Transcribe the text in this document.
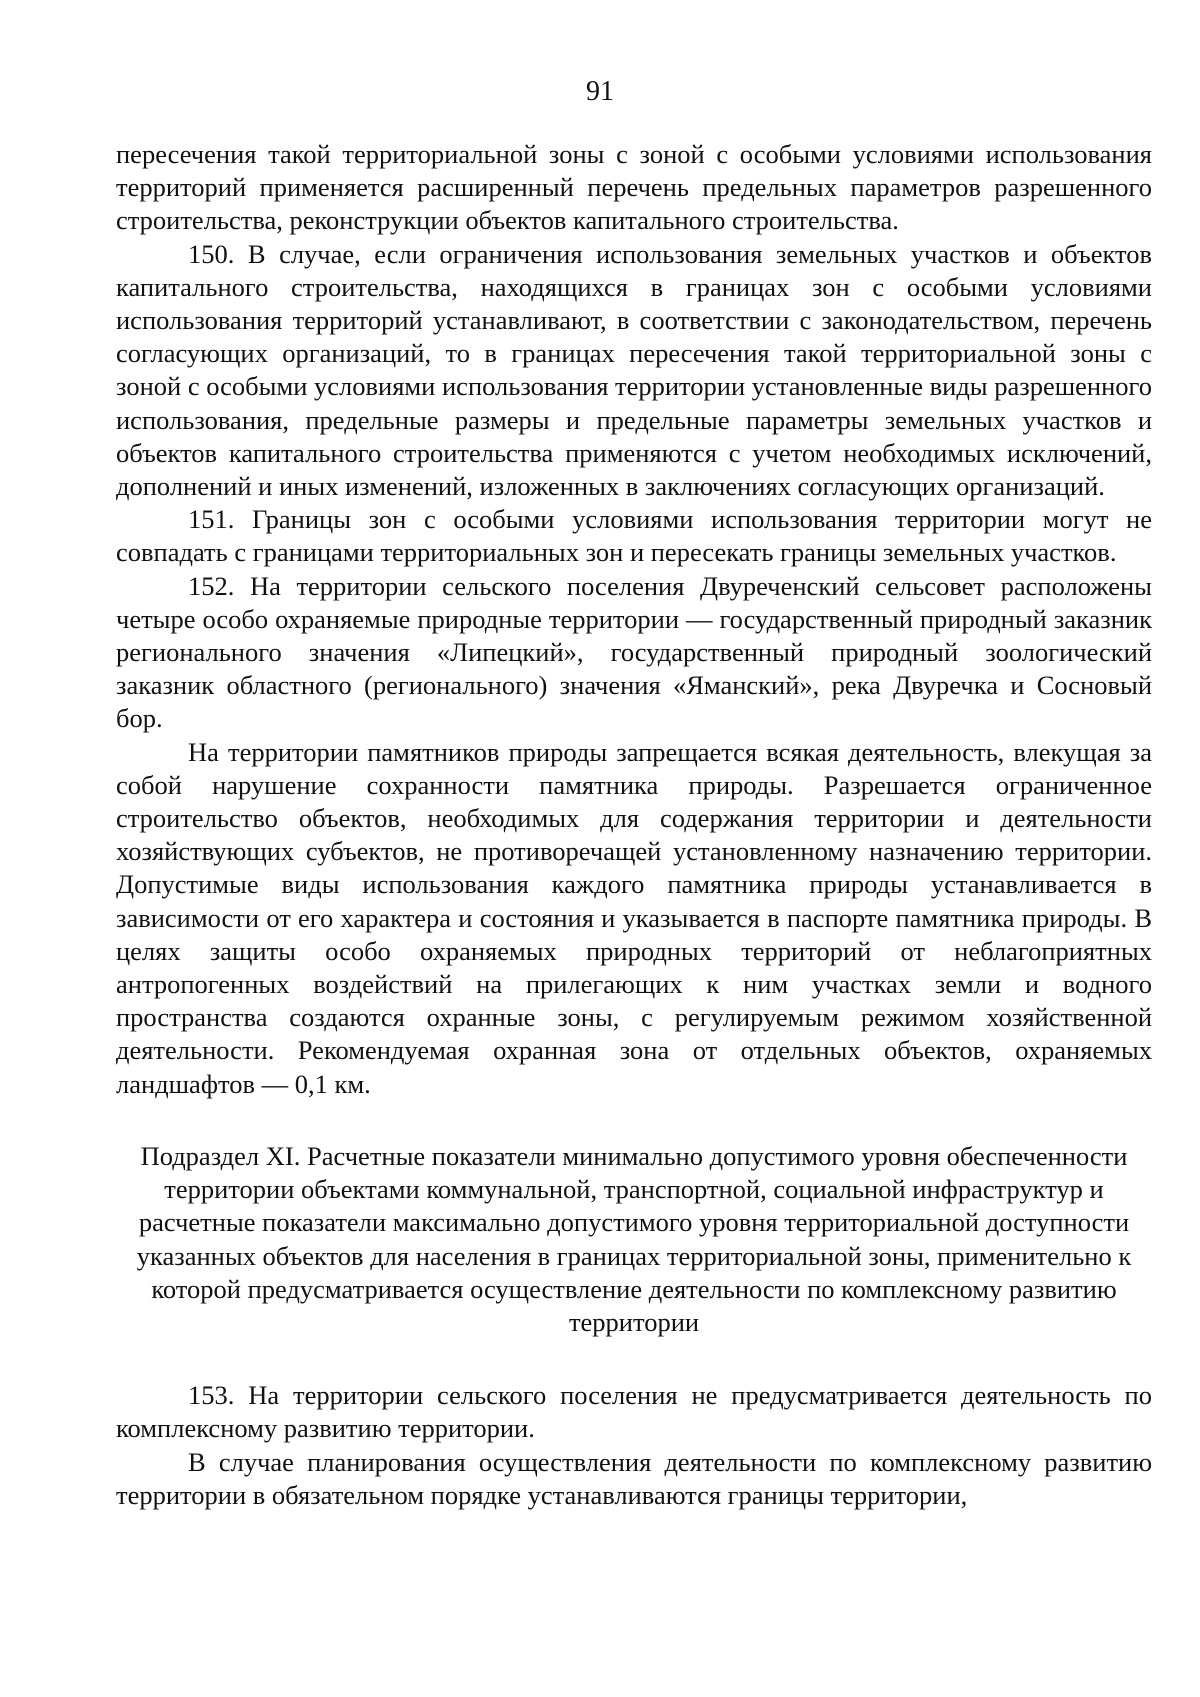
91

пересечения такой территориальной зоны с зоной с особыми условиями использования территорий применяется расширенный перечень предельных параметров разрешенного строительства, реконструкции объектов капитального строительства.

150. В случае, если ограничения использования земельных участков и объектов капитального строительства, находящихся в границах зон с особыми условиями использования территорий устанавливают, в соответствии с законодательством, перечень согласующих организаций, то в границах пересечения такой территориальной зоны с зоной с особыми условиями использования территории установленные виды разрешенного использования, предельные размеры и предельные параметры земельных участков и объектов капитального строительства применяются с учетом необходимых исключений, дополнений и иных изменений, изложенных в заключениях согласующих организаций.

151. Границы зон с особыми условиями использования территории могут не совпадать с границами территориальных зон и пересекать границы земельных участков.

152. На территории сельского поселения Двуреченский сельсовет расположены четыре особо охраняемые природные территории — государственный природный заказник регионального значения «Липецкий», государственный природный зоологический заказник областного (регионального) значения «Яманский», река Двуречка и Сосновый бор.

На территории памятников природы запрещается всякая деятельность, влекущая за собой нарушение сохранности памятника природы. Разрешается ограниченное строительство объектов, необходимых для содержания территории и деятельности хозяйствующих субъектов, не противоречащей установленному назначению территории. Допустимые виды использования каждого памятника природы устанавливается в зависимости от его характера и состояния и указывается в паспорте памятника природы. В целях защиты особо охраняемых природных территорий от неблагоприятных антропогенных воздействий на прилегающих к ним участках земли и водного пространства создаются охранные зоны, с регулируемым режимом хозяйственной деятельности. Рекомендуемая охранная зона от отдельных объектов, охраняемых ландшафтов — 0,1 км.

Подраздел XI. Расчетные показатели минимально допустимого уровня обеспеченности территории объектами коммунальной, транспортной, социальной инфраструктур и расчетные показатели максимально допустимого уровня территориальной доступности указанных объектов для населения в границах территориальной зоны, применительно к которой предусматривается осуществление деятельности по комплексному развитию территории

153. На территории сельского поселения не предусматривается деятельность по комплексному развитию территории.

В случае планирования осуществления деятельности по комплексному развитию территории в обязательном порядке устанавливаются границы территории,
